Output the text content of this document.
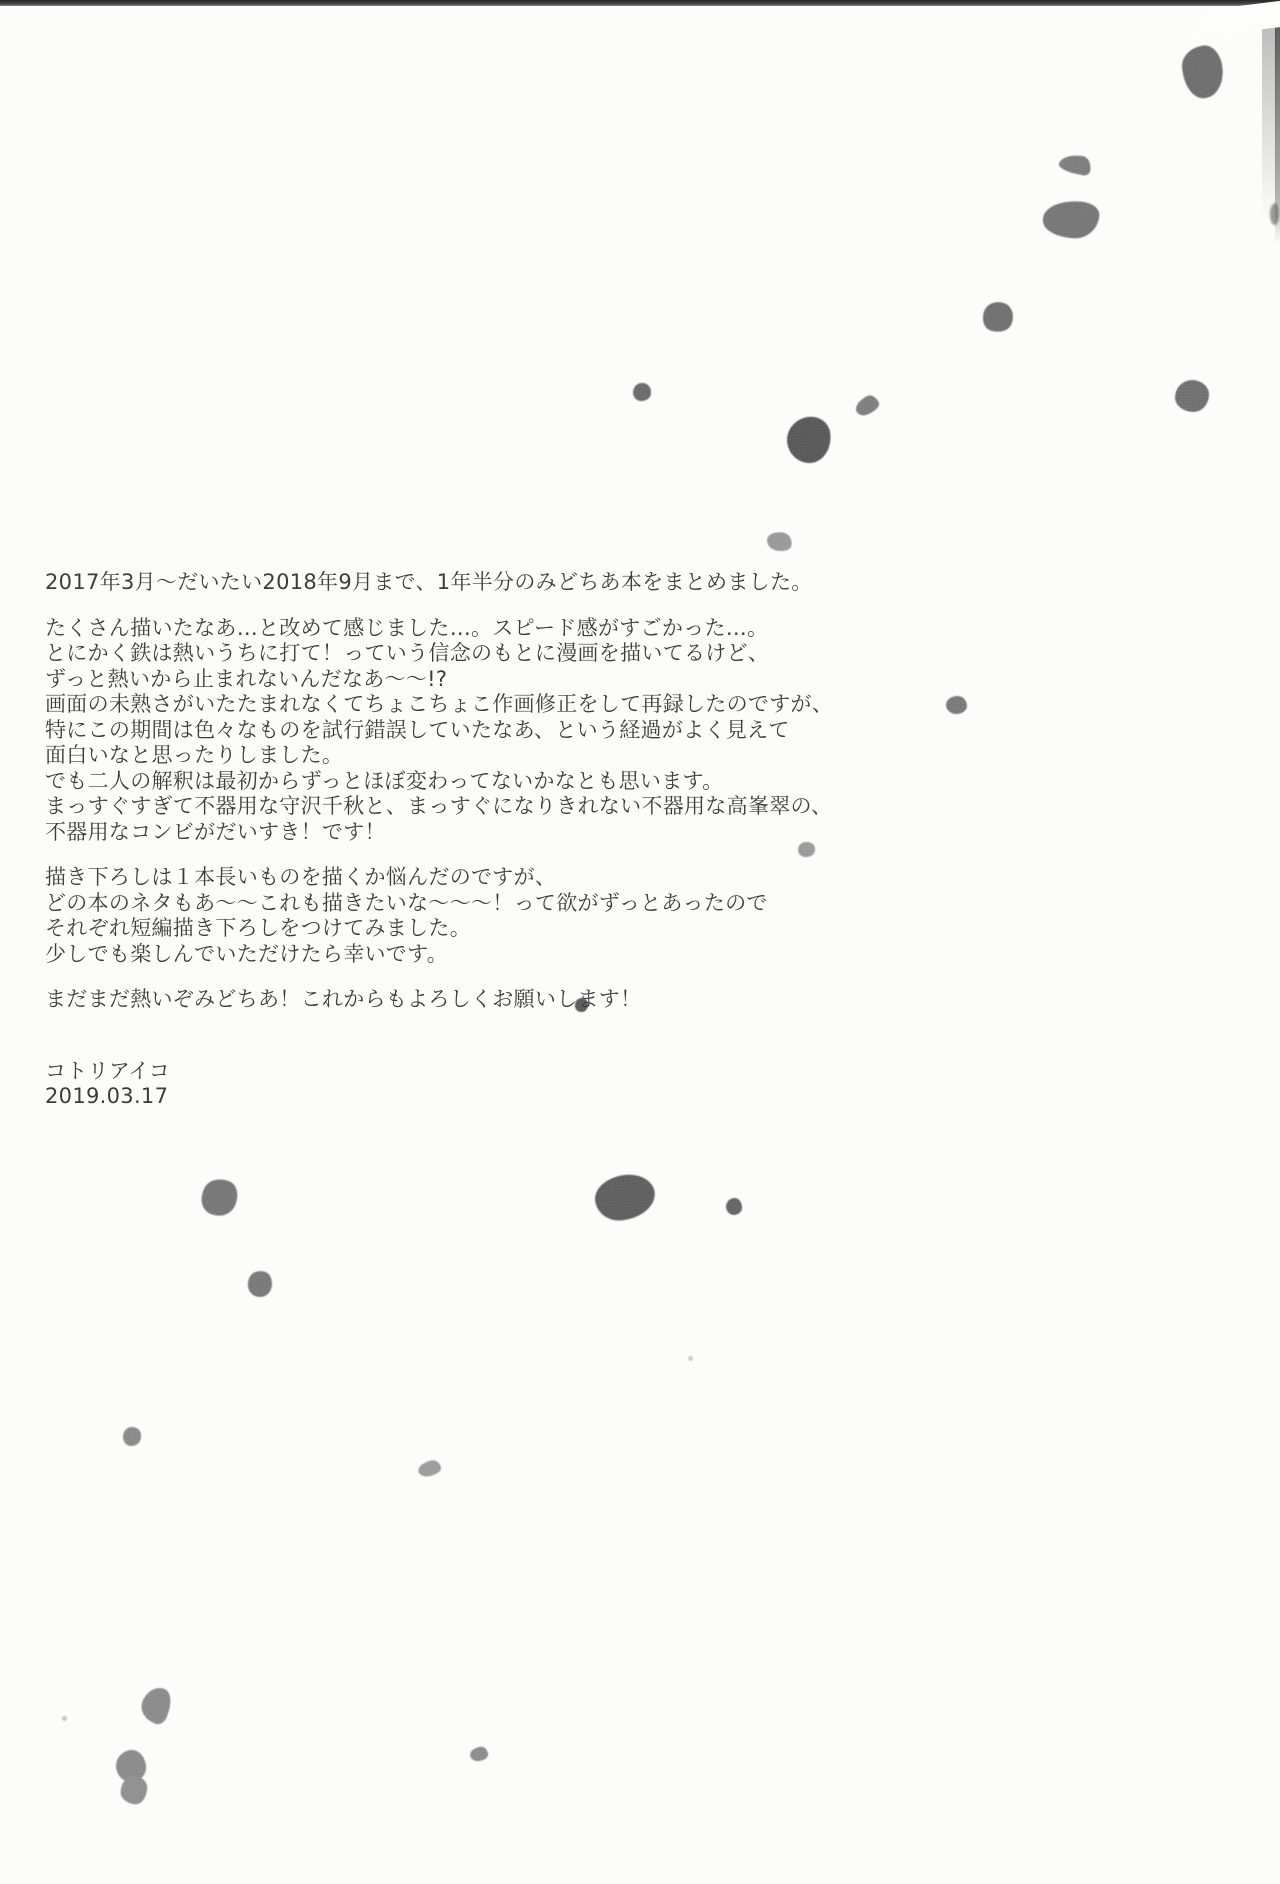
2017年3月～だいたい2018年9月まで、1年半分のみどちあ本をまとめました。
たくさん描いたなあ…と改めて感じました…。スピード感がすごかった…。
とにかく鉄は熱いうちに打て！っていう信念のもとに漫画を描いてるけど、
ずっと熱いから止まれないんだなあ～～!?
画面の未熟さがいたたまれなくてちょこちょこ作画修正をして再録したのですが、
特にこの期間は色々なものを試行錯誤していたなあ、という経過がよく見えて
面白いなと思ったりしました。
でも二人の解釈は最初からずっとほぼ変わってないかなとも思います。
まっすぐすぎて不器用な守沢千秋と、まっすぐになりきれない不器用な高峯翠の、
不器用なコンビがだいすき！です！
描き下ろしは１本長いものを描くか悩んだのですが、
どの本のネタもあ～～これも描きたいな～～～！って欲がずっとあったので
それぞれ短編描き下ろしをつけてみました。
少しでも楽しんでいただけたら幸いです。
まだまだ熱いぞみどちあ！これからもよろしくお願いします！
コトリアイコ
2019.03.17
